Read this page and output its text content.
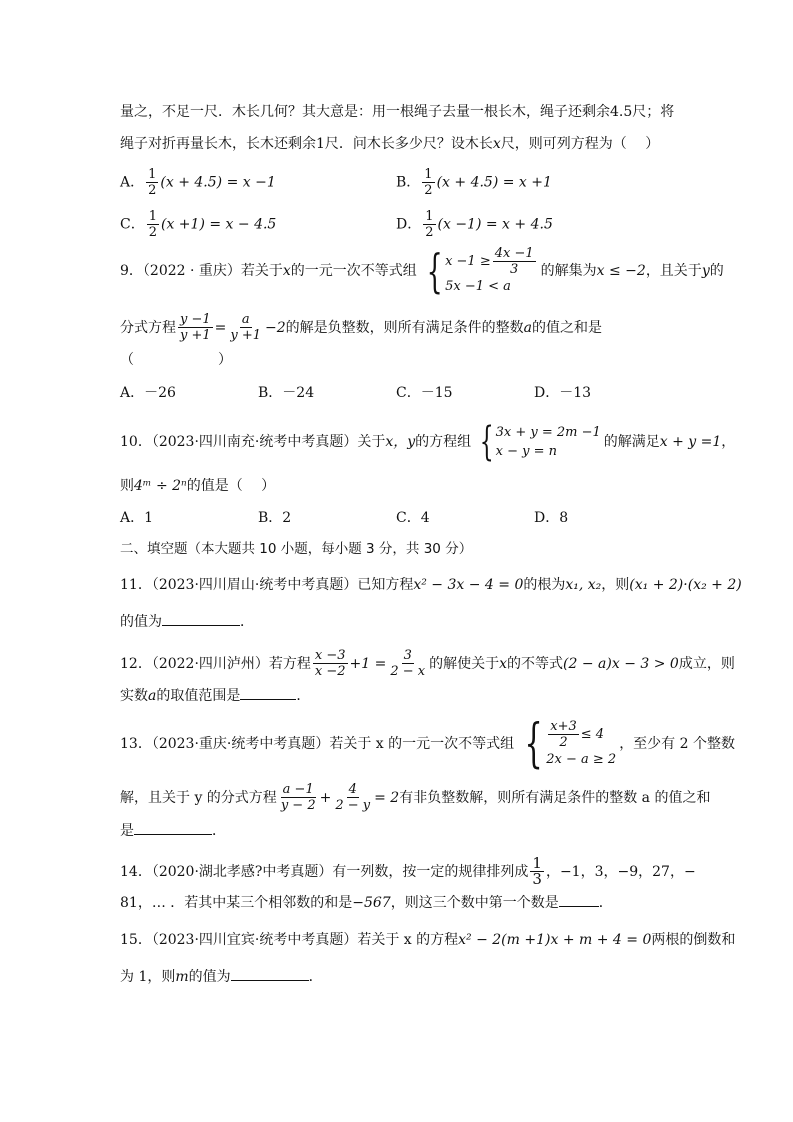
量之，不足一尺．木长几何？其大意是：用一根绳子去量一根长木，绳子还剩余4.5尺；将
绳子对折再量长木，长木还剩余1尺．问木长多少尺？设木长x尺，则可列方程为（　 ）
A． $\frac{1}{2} (x + 4.5) = x -1$	B． $\frac{1}{2} (x + 4.5) = x +1$
C． $\frac{1}{2} (x +1) = x - 4.5$	D． $\frac{1}{2} (x -1) = x + 4.5$
9．（2022 · 重庆）若关于 x 的一元一次不等式组 { $x -1 \ge \frac{4x -1}{3}$
5x −1 < a
的解集为 x ≤ −2 ，且关于 y 的
分式方程 $\frac{y -1}{y +1} = \frac{a}{y +1} -2$ 的解是负整数，则所有满足条件的整数 a 的值之和是
（　　　　　　）
A．－26	B．－24	C．－15	D．－13
10．（2023·四川南充·统考中考真题）关于 x，y 的方程组 { 3x + y = 2m −1
x − y = n
的解满足 x + y =1 ，
则4ᵐ ÷ 2ⁿ的值是（　 ）
A．1	B．2	C．4	D．8
二、填空题（本大题共 10 小题，每小题 3 分，共 30 分）
11．（2023·四川眉山·统考中考真题）已知方程x² − 3x − 4 = 0的根为x₁, x₂，则(x₁ + 2)·(x₂ + 2)
的值为	．
12．（2022·四川泸州）若方程 $\frac{x -3}{x -2} +1 = \frac{3}{2 - x}$ 的解使关于 x 的不等式 (2 − a)x − 3 > 0 成立，则
实数a的取值范围是	．
13．（2023·重庆·统考中考真题）若关于 x 的一元一次不等式组 { $\frac{x+3}{2} \le 4$
2x − a ≥ 2
，至少有 2 个整数
解，且关于 y 的分式方程 $\frac{a -1}{y - 2} + \frac{4}{2 - y} = 2$ 有非负整数解，则所有满足条件的整数 a 的值之和
是	．
14．（2020·湖北孝感?中考真题）有一列数，按一定的规律排列成 $\frac{1}{3}$ ，−1，3，−9，27，−
81，… ．若其中某三个相邻数的和是−567，则这三个数中第一个数是	．
15．（2023·四川宜宾·统考中考真题）若关于 x 的方程x² − 2(m +1)x + m + 4 = 0两根的倒数和
为 1，则m的值为	．
